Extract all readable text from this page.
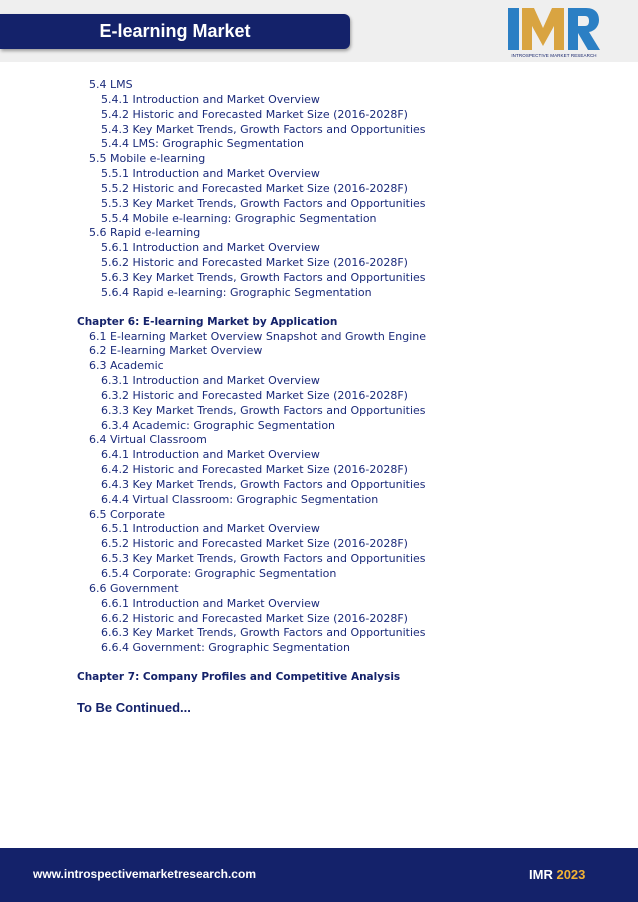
E-learning Market
INTROSPECTIVE MARKET RESEARCH
5.4 LMS
5.4.1 Introduction and Market Overview
5.4.2 Historic and Forecasted Market Size (2016-2028F)
5.4.3 Key Market Trends, Growth Factors and Opportunities
5.4.4 LMS: Grographic Segmentation
5.5 Mobile e-learning
5.5.1 Introduction and Market Overview
5.5.2 Historic and Forecasted Market Size (2016-2028F)
5.5.3 Key Market Trends, Growth Factors and Opportunities
5.5.4 Mobile e-learning: Grographic Segmentation
5.6 Rapid e-learning
5.6.1 Introduction and Market Overview
5.6.2 Historic and Forecasted Market Size (2016-2028F)
5.6.3 Key Market Trends, Growth Factors and Opportunities
5.6.4 Rapid e-learning: Grographic Segmentation
Chapter 6: E-learning Market by Application
6.1 E-learning Market Overview Snapshot and Growth Engine
6.2 E-learning Market Overview
6.3 Academic
6.3.1 Introduction and Market Overview
6.3.2 Historic and Forecasted Market Size (2016-2028F)
6.3.3 Key Market Trends, Growth Factors and Opportunities
6.3.4 Academic: Grographic Segmentation
6.4 Virtual Classroom
6.4.1 Introduction and Market Overview
6.4.2 Historic and Forecasted Market Size (2016-2028F)
6.4.3 Key Market Trends, Growth Factors and Opportunities
6.4.4 Virtual Classroom: Grographic Segmentation
6.5 Corporate
6.5.1 Introduction and Market Overview
6.5.2 Historic and Forecasted Market Size (2016-2028F)
6.5.3 Key Market Trends, Growth Factors and Opportunities
6.5.4 Corporate: Grographic Segmentation
6.6 Government
6.6.1 Introduction and Market Overview
6.6.2 Historic and Forecasted Market Size (2016-2028F)
6.6.3 Key Market Trends, Growth Factors and Opportunities
6.6.4 Government: Grographic Segmentation
Chapter 7: Company Profiles and Competitive Analysis
To Be Continued...
www.introspectivemarketresearch.com	IMR 2023
